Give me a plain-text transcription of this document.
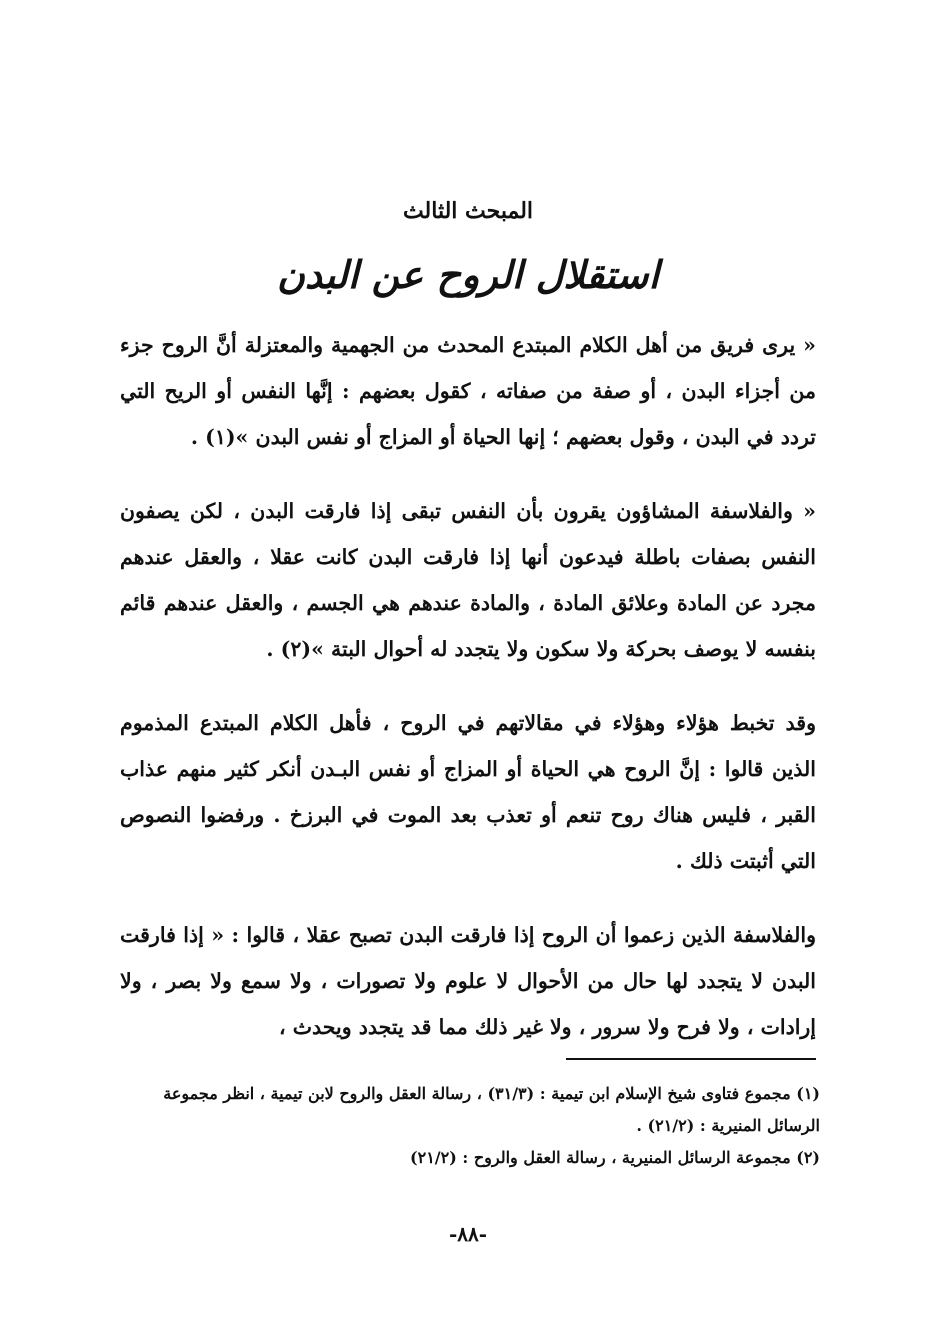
المبحث الثالث
استقلال الروح عن البدن

« يرى فريق من أهل الكلام المبتدع المحدث من الجهمية والمعتزلة أنَّ الروح جزء من أجزاء البدن ، أو صفة من صفاته ، كقول بعضهم : إنَّها النفس أو الريح التي تردد في البدن ، وقول بعضهم ؛ إنها الحياة أو المزاج أو نفس البدن »(١) .

« والفلاسفة المشاؤون يقرون بأن النفس تبقى إذا فارقت البدن ، لكن يصفون النفس بصفات باطلة فيدعون أنها إذا فارقت البدن كانت عقلا ، والعقل عندهم مجرد عن المادة وعلائق المادة ، والمادة عندهم هي الجسم ، والعقل عندهم قائم بنفسه لا يوصف بحركة ولا سكون ولا يتجدد له أحوال البتة »(٢) .

وقد تخبط هؤلاء وهؤلاء في مقالاتهم في الروح ، فأهل الكلام المبتدع المذموم الذين قالوا : إنَّ الروح هي الحياة أو المزاج أو نفس البـدن أنكر كثير منهم عذاب القبر ، فليس هناك روح تنعم أو تعذب بعد الموت في البرزخ . ورفضوا النصوص التي أثبتت ذلك .

والفلاسفة الذين زعموا أن الروح إذا فارقت البدن تصبح عقلا ، قالوا : « إذا فارقت البدن لا يتجدد لها حال من الأحوال لا علوم ولا تصورات ، ولا سمع ولا بصر ، ولا إرادات ، ولا فرح ولا سرور ، ولا غير ذلك مما قد يتجدد ويحدث ،

(١) مجموع فتاوى شيخ الإسلام ابن تيمية : (٣١/٣) ، رسالة العقل والروح لابن تيمية ، انظر مجموعة الرسائل المنيرية : (٢١/٢) .

(٢) مجموعة الرسائل المنيرية ، رسالة العقل والروح : (٢١/٢)

-٨٨-
